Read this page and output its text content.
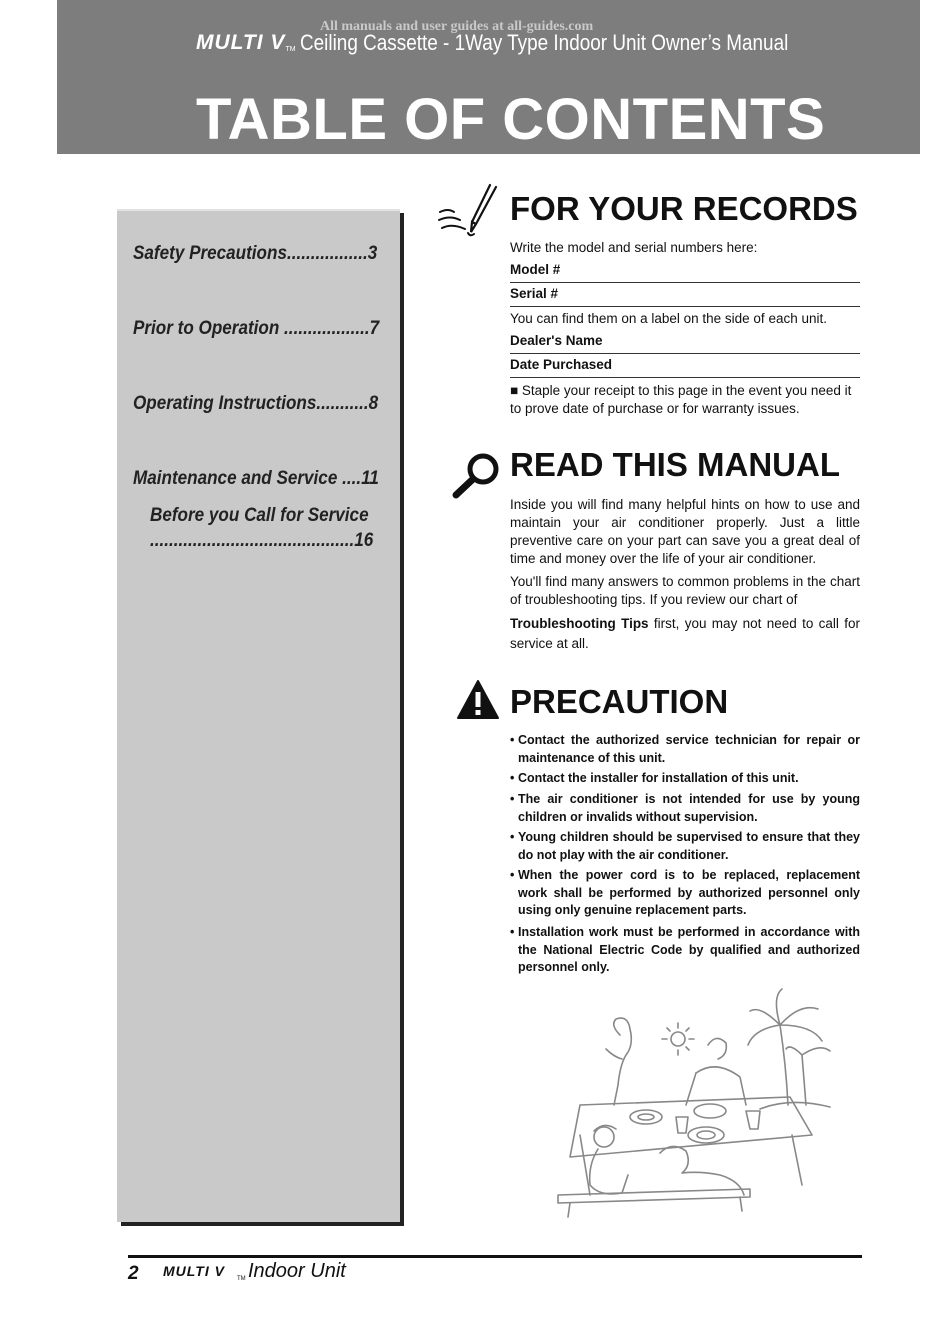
All manuals and user guides at all-guides.com
MULTI $V_{TM}$ Ceiling Cassette - 1Way Type Indoor Unit Owner’s Manual
TABLE OF CONTENTS
Safety Precautions.................3
Prior to Operation ..................7
Operating Instructions...........8
Maintenance and Service ....11
Before you Call for Service
...........................................16
FOR YOUR RECORDS
Write the model and serial numbers here:
Model #
Serial #
You can find them on a label on the side of each unit.
Dealer's Name
Date Purchased
■ Staple your receipt to this page in the event you need it to prove date of purchase or for warranty issues.
READ THIS MANUAL
Inside you will find many helpful hints on how to use and maintain your air conditioner properly. Just a little preventive care on your part can save you a great deal of time and money over the life of your air conditioner.
You'll find many answers to common problems in the chart of troubleshooting tips. If you review our chart of
Troubleshooting Tips first, you may not need to call for service at all.
PRECAUTION
• Contact the authorized service technician for repair or maintenance of this unit.
• Contact the installer for installation of this unit.
• The air conditioner is not intended for use by young children or invalids without supervision.
• Young children should be supervised to ensure that they do not play with the air conditioner.
• When the power cord is to be replaced, replacement work shall be performed by authorized personnel only using only genuine replacement parts.
• Installation work must be performed in accordance with the National Electric Code by qualified and authorized personnel only.
2 MULTI V TM Indoor Unit
